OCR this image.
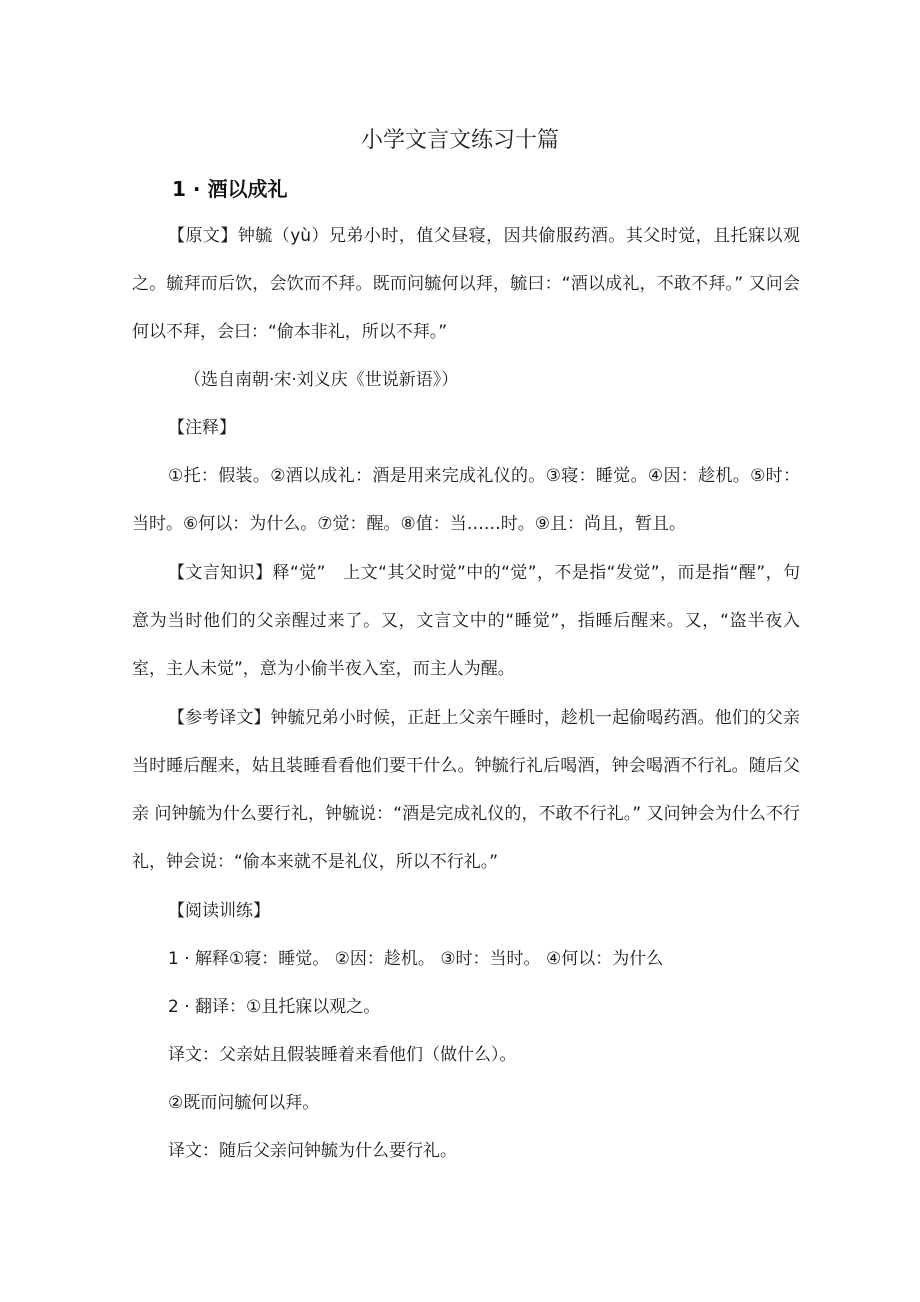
小学文言文练习十篇
1 · 酒以成礼

【原文】钟毓（yù）兄弟小时，值父昼寝，因共偷服药酒。其父时觉，且托寐以观之。毓拜而后饮，会饮而不拜。既而问毓何以拜，毓曰：“酒以成礼，不敢不拜。” 又问会何以不拜，会曰：“偷本非礼，所以不拜。”

（选自南朝·宋·刘义庆《世说新语》）
【注释】

①托：假装。②酒以成礼：酒是用来完成礼仪的。③寝：睡觉。④因：趁机。⑤时：当时。⑥何以：为什么。⑦觉：醒。⑧值：当……时。⑨且：尚且，暂且。

【文言知识】释“觉”　上文“其父时觉”中的“觉”，不是指“发觉”，而是指“醒”，句意为当时他们的父亲醒过来了。又，文言文中的“睡觉”，指睡后醒来。又，“盗半夜入室，主人未觉”，意为小偷半夜入室，而主人为醒。

【参考译文】钟毓兄弟小时候，正赶上父亲午睡时，趁机一起偷喝药酒。他们的父亲当时睡后醒来，姑且装睡看看他们要干什么。钟毓行礼后喝酒，钟会喝酒不行礼。随后父亲 问钟毓为什么要行礼，钟毓说：“酒是完成礼仪的，不敢不行礼。” 又问钟会为什么不行礼，钟会说：“偷本来就不是礼仪，所以不行礼。”

【阅读训练】
1 · 解释①寝：睡觉。 ②因：趁机。 ③时：当时。 ④何以：为什么
2 · 翻译：①且托寐以观之。
译文：父亲姑且假装睡着来看他们（做什么）。
②既而问毓何以拜。
译文：随后父亲问钟毓为什么要行礼。
